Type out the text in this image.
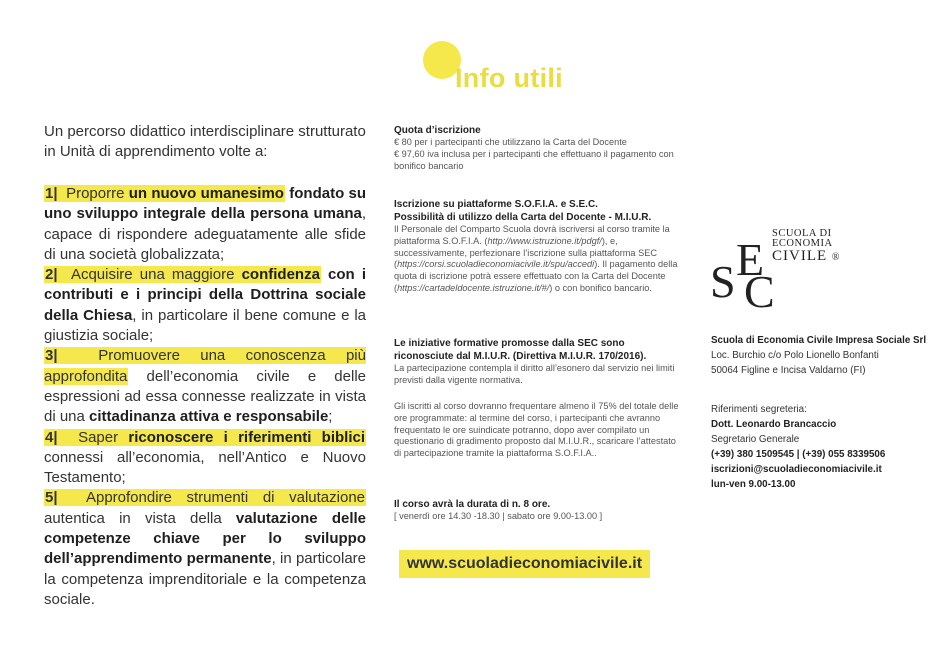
Info utili
Un percorso didattico interdisciplinare strutturato in Unità di apprendimento volte a:

1| Proporre un nuovo umanesimo fondato su uno sviluppo integrale della persona umana, capace di rispondere adeguatamente alle sfide di una società globalizzata;

2| Acquisire una maggiore confidenza con i contributi e i principi della Dottrina sociale della Chiesa, in particolare il bene comune e la giustizia sociale;

3|	Promuovere una conoscenza più approfondita dell’economia civile e delle espressioni ad essa connesse realizzate in vista di una cittadinanza attiva e responsabile;

4| Saper riconoscere i riferimenti biblici connessi all’economia, nell’Antico e Nuovo Testamento;

5| Approfondire strumenti di valutazione autentica in vista della valutazione delle competenze chiave per lo sviluppo dell’apprendimento permanente, in particolare la competenza imprenditoriale e la competenza sociale.

Quota d’iscrizione
€ 80 per i partecipanti che utilizzano la Carta del Docente
€ 97,60 iva inclusa per i partecipanti che effettuano il pagamento con bonifico bancario
Iscrizione su piattaforme S.O.F.I.A. e S.E.C.
Possibilità di utilizzo della Carta del Docente - M.I.U.R.
Il Personale del Comparto Scuola dovrà iscriversi al corso tramite la piattaforma S.O.F.I.A. (http://www.istruzione.it/pdgf/), e, successivamente, perfezionare l’iscrizione sulla piattaforma SEC (https://corsi.scuoladieconomiacivile.it/spu/accedi). Il pagamento della quota di iscrizione potrà essere effettuato con la Carta del Docente (https://cartadeldocente.istruzione.it/#/) o con bonifico bancario.
Le iniziative formative promosse dalla SEC sono riconosciute dal M.I.U.R. (Direttiva M.I.U.R. 170/2016).
La partecipazione contempla il diritto all’esonero dal servizio nei limiti previsti dalla vigente normativa.
Gli iscritti al corso dovranno frequentare almeno il 75% del totale delle ore programmate: al termine del corso, i partecipanti che avranno frequentato le ore suindicate potranno, dopo aver compilato un questionario di gradimento proposto dal M.I.U.R., scaricare l’attestato di partecipazione tramite la piattaforma S.O.F.I.A..
Il corso avrà la durata di n. 8 ore.
[ venerdì ore 14.30 -18.30 | sabato ore 9.00-13.00 ]
www.scuoladieconomiacivile.it
S E
C
SCUOLA DI
ECONOMIA
CIVILE ®
Scuola di Economia Civile Impresa Sociale Srl
Loc. Burchio c/o Polo Lionello Bonfanti
50064 Figline e Incisa Valdarno (FI)
Riferimenti segreteria:
Dott. Leonardo Brancaccio
Segretario Generale
(+39) 380 1509545 | (+39) 055 8339506
iscrizioni@scuoladieconomiacivile.it
lun-ven 9.00-13.00
